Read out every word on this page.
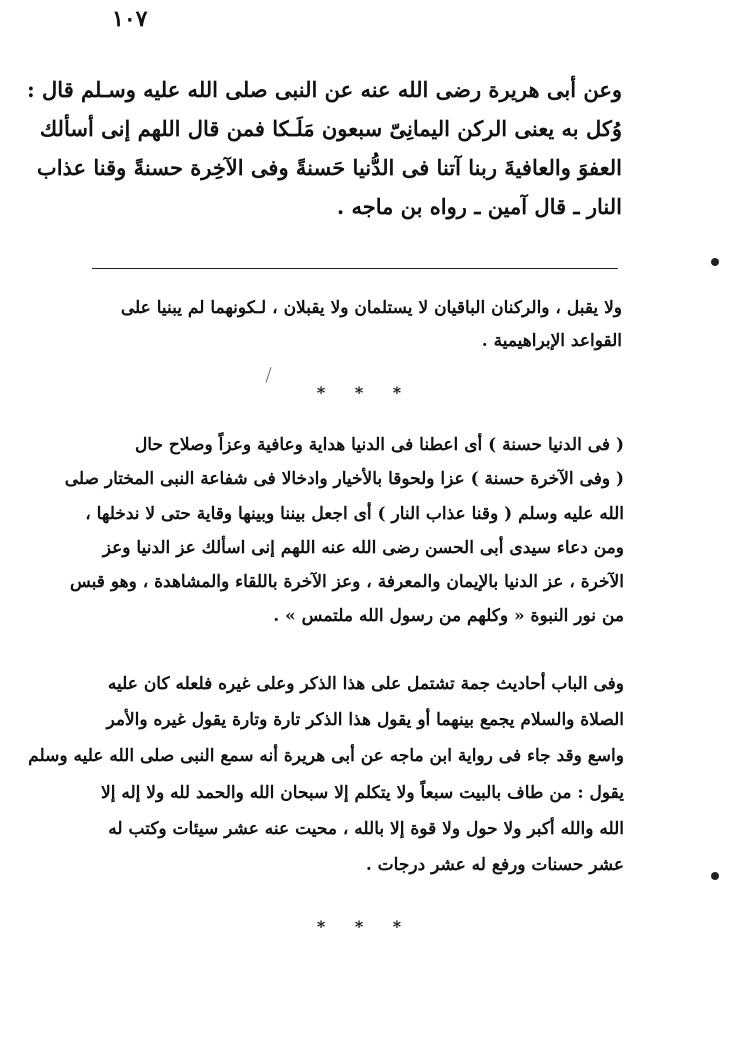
١٠٧
وعن أبى هريرة رضى الله عنه عن النبى صلى الله عليه وسـلم قال :
وُكل به يعنى الركن اليمانِىّ سبعون مَلَـكا فمن قال اللهم إنى أسألك
العفوَ والعافيةَ ربنا آتنا فى الدُّنيا حَسنةً وفى الآخِرة حسنةً وقنا عذاب
النار ـ قال آمين ـ رواه بن ماجه .
ولا يقبل ، والركنان الباقيان لا يستلمان ولا يقبلان ، لـكونهما لم يبنيا على
القواعد الإبراهيمية .
* * *
( فى الدنيا حسنة ) أى اعطنا فى الدنيا هداية وعافية وعزاً وصلاح حال
( وفى الآخرة حسنة ) عزا ولحوقا بالأخيار وادخالا فى شفاعة النبى المختار صلى
الله عليه وسلم ( وقنا عذاب النار ) أى اجعل بيننا وبينها وقاية حتى لا ندخلها ،
ومن دعاء سيدى أبى الحسن رضى الله عنه اللهم إنى اسألك عز الدنيا وعز
الآخرة ، عز الدنيا بالإيمان والمعرفة ، وعز الآخرة باللقاء والمشاهدة ، وهو قبس
من نور النبوة « وكلهم من رسول الله ملتمس » .
وفى الباب أحاديث جمة تشتمل على هذا الذكر وعلى غيره فلعله كان عليه
الصلاة والسلام يجمع بينهما أو يقول هذا الذكر تارة وتارة يقول غيره والأمر
واسع وقد جاء فى رواية ابن ماجه عن أبى هريرة أنه سمع النبى صلى الله عليه وسلم
يقول : من طاف بالبيت سبعاً ولا يتكلم إلا سبحان الله والحمد لله ولا إله إلا
الله والله أكبر ولا حول ولا قوة إلا بالله ، محيت عنه عشر سيئات وكتب له
عشر حسنات ورفع له عشر درجات .
* * *
